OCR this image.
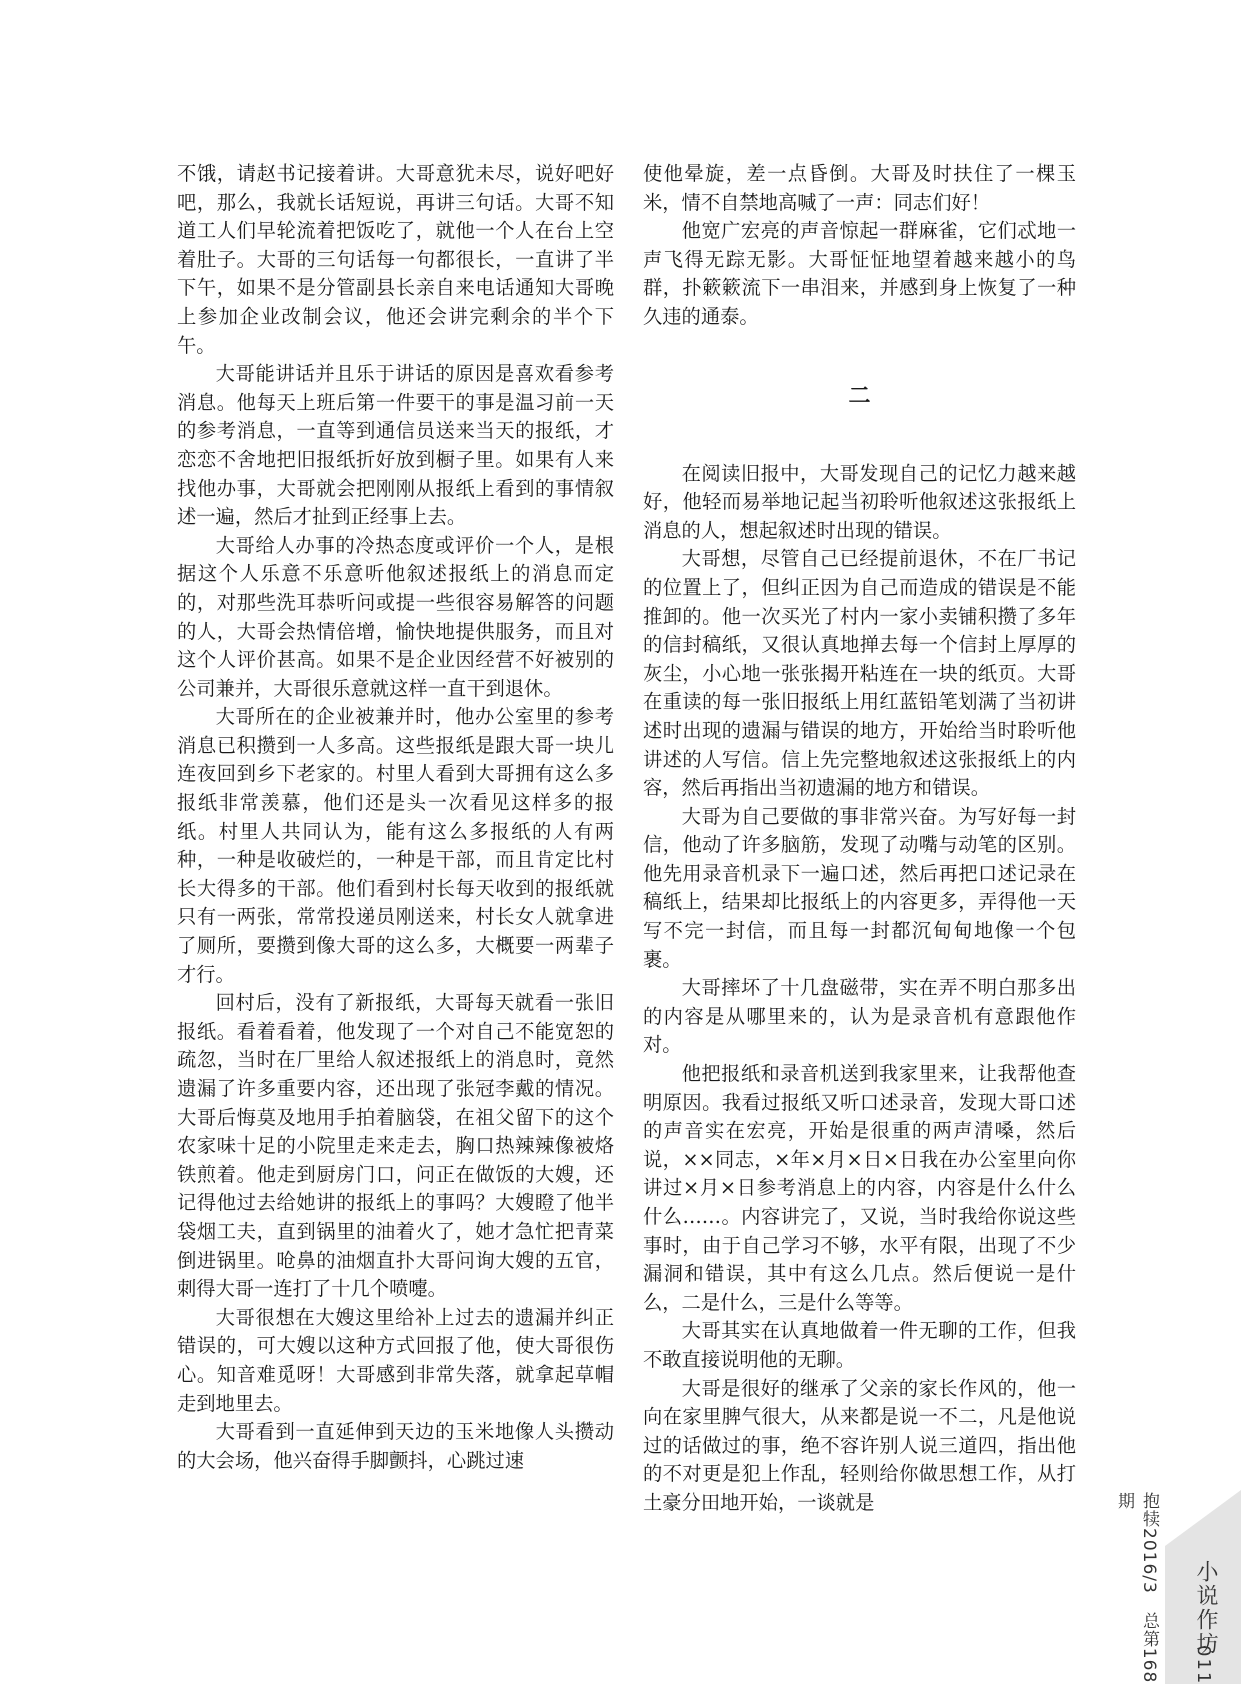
不饿，请赵书记接着讲。大哥意犹未尽，说好吧好吧，那么，我就长话短说，再讲三句话。大哥不知道工人们早轮流着把饭吃了，就他一个人在台上空着肚子。大哥的三句话每一句都很长，一直讲了半下午，如果不是分管副县长亲自来电话通知大哥晚上参加企业改制会议，他还会讲完剩余的半个下午。

大哥能讲话并且乐于讲话的原因是喜欢看参考消息。他每天上班后第一件要干的事是温习前一天的参考消息，一直等到通信员送来当天的报纸，才恋恋不舍地把旧报纸折好放到橱子里。如果有人来找他办事，大哥就会把刚刚从报纸上看到的事情叙述一遍，然后才扯到正经事上去。

大哥给人办事的冷热态度或评价一个人，是根据这个人乐意不乐意听他叙述报纸上的消息而定的，对那些洗耳恭听问或提一些很容易解答的问题的人，大哥会热情倍增，愉快地提供服务，而且对这个人评价甚高。如果不是企业因经营不好被别的公司兼并，大哥很乐意就这样一直干到退休。

大哥所在的企业被兼并时，他办公室里的参考消息已积攒到一人多高。这些报纸是跟大哥一块儿连夜回到乡下老家的。村里人看到大哥拥有这么多报纸非常羡慕，他们还是头一次看见这样多的报纸。村里人共同认为，能有这么多报纸的人有两种，一种是收破烂的，一种是干部，而且肯定比村长大得多的干部。他们看到村长每天收到的报纸就只有一两张，常常投递员刚送来，村长女人就拿进了厕所，要攒到像大哥的这么多，大概要一两辈子才行。

回村后，没有了新报纸，大哥每天就看一张旧报纸。看着看着，他发现了一个对自己不能宽恕的疏忽，当时在厂里给人叙述报纸上的消息时，竟然遗漏了许多重要内容，还出现了张冠李戴的情况。大哥后悔莫及地用手拍着脑袋，在祖父留下的这个农家味十足的小院里走来走去，胸口热辣辣像被烙铁煎着。他走到厨房门口，问正在做饭的大嫂，还记得他过去给她讲的报纸上的事吗？大嫂瞪了他半袋烟工夫，直到锅里的油着火了，她才急忙把青菜倒进锅里。呛鼻的油烟直扑大哥问询大嫂的五官，刺得大哥一连打了十几个喷嚏。

大哥很想在大嫂这里给补上过去的遗漏并纠正错误的，可大嫂以这种方式回报了他，使大哥很伤心。知音难觅呀！大哥感到非常失落，就拿起草帽走到地里去。

大哥看到一直延伸到天边的玉米地像人头攒动的大会场，他兴奋得手脚颤抖，心跳过速

使他晕旋，差一点昏倒。大哥及时扶住了一棵玉米，情不自禁地高喊了一声：同志们好！

他宽广宏亮的声音惊起一群麻雀，它们忒地一声飞得无踪无影。大哥怔怔地望着越来越小的鸟群，扑簌簌流下一串泪来，并感到身上恢复了一种久违的通泰。

二

在阅读旧报中，大哥发现自己的记忆力越来越好，他轻而易举地记起当初聆听他叙述这张报纸上消息的人，想起叙述时出现的错误。

大哥想，尽管自己已经提前退休，不在厂书记的位置上了，但纠正因为自己而造成的错误是不能推卸的。他一次买光了村内一家小卖铺积攒了多年的信封稿纸，又很认真地掸去每一个信封上厚厚的灰尘，小心地一张张揭开粘连在一块的纸页。大哥在重读的每一张旧报纸上用红蓝铅笔划满了当初讲述时出现的遗漏与错误的地方，开始给当时聆听他讲述的人写信。信上先完整地叙述这张报纸上的内容，然后再指出当初遗漏的地方和错误。

大哥为自己要做的事非常兴奋。为写好每一封信，他动了许多脑筋，发现了动嘴与动笔的区别。他先用录音机录下一遍口述，然后再把口述记录在稿纸上，结果却比报纸上的内容更多，弄得他一天写不完一封信，而且每一封都沉甸甸地像一个包裹。

大哥摔坏了十几盘磁带，实在弄不明白那多出的内容是从哪里来的，认为是录音机有意跟他作对。

他把报纸和录音机送到我家里来，让我帮他查明原因。我看过报纸又听口述录音，发现大哥口述的声音实在宏亮，开始是很重的两声清嗓，然后说，××同志，×年×月×日×日我在办公室里向你讲过×月×日参考消息上的内容，内容是什么什么什么……。内容讲完了，又说，当时我给你说这些事时，由于自己学习不够，水平有限，出现了不少漏洞和错误，其中有这么几点。然后便说一是什么，二是什么，三是什么等等。

大哥其实在认真地做着一件无聊的工作，但我不敢直接说明他的无聊。

大哥是很好的继承了父亲的家长作风的，他一向在家里脾气很大，从来都是说一不二，凡是他说过的话做过的事，绝不容许别人说三道四，指出他的不对更是犯上作乱，轻则给你做思想工作，从打土豪分田地开始，一谈就是	抱犊2016/3　总第168期
小说作坊
011
